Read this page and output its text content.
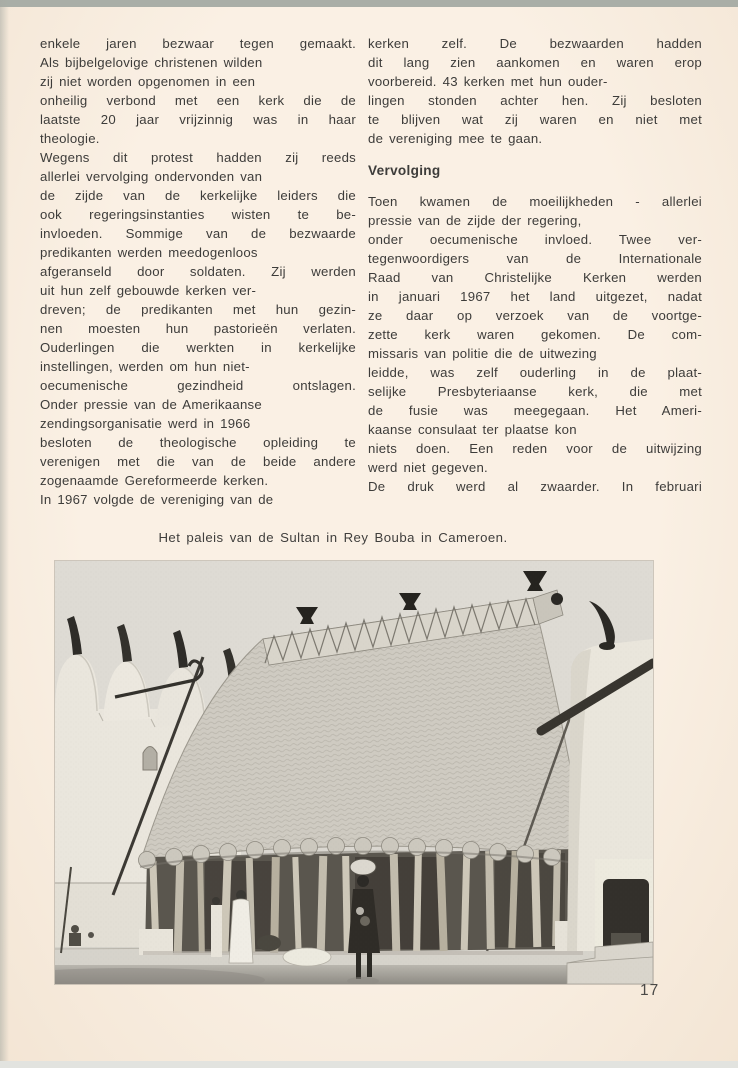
enkele jaren bezwaar tegen gemaakt.
Als bijbelgelovige christenen wilden
zij niet worden opgenomen in een
onheilig verbond met een kerk die de
laatste 20 jaar vrijzinnig was in haar
theologie.
Wegens dit protest hadden zij reeds
allerlei vervolging ondervonden van
de zijde van de kerkelijke leiders die
ook regeringsinstanties wisten te be-
invloeden. Sommige van de bezwaarde
predikanten werden meedogenloos
afgeranseld door soldaten. Zij werden
uit hun zelf gebouwde kerken ver-
dreven; de predikanten met hun gezin-
nen moesten hun pastorieën verlaten.
Ouderlingen die werkten in kerkelijke
instellingen, werden om hun niet-
oecumenische gezindheid ontslagen.
Onder pressie van de Amerikaanse
zendingsorganisatie werd in 1966
besloten de theologische opleiding te
verenigen met die van de beide andere
zogenaamde Gereformeerde kerken.
In 1967 volgde de vereniging van de
kerken zelf. De bezwaarden hadden
dit lang zien aankomen en waren erop
voorbereid. 43 kerken met hun ouder-
lingen stonden achter hen. Zij besloten
te blijven wat zij waren en niet met
de vereniging mee te gaan.
Vervolging
Toen kwamen de moeilijkheden - allerlei
pressie van de zijde der regering,
onder oecumenische invloed. Twee ver-
tegenwoordigers van de Internationale
Raad van Christelijke Kerken werden
in januari 1967 het land uitgezet, nadat
ze daar op verzoek van de voortge-
zette kerk waren gekomen. De com-
missaris van politie die de uitwezing
leidde, was zelf ouderling in de plaat-
selijke Presbyteriaanse kerk, die met
de fusie was meegegaan. Het Ameri-
kaanse consulaat ter plaatse kon
niets doen. Een reden voor de uitwijzing
werd niet gegeven.
De druk werd al zwaarder. In februari
Het paleis van de Sultan in Rey Bouba in Cameroen.
17
